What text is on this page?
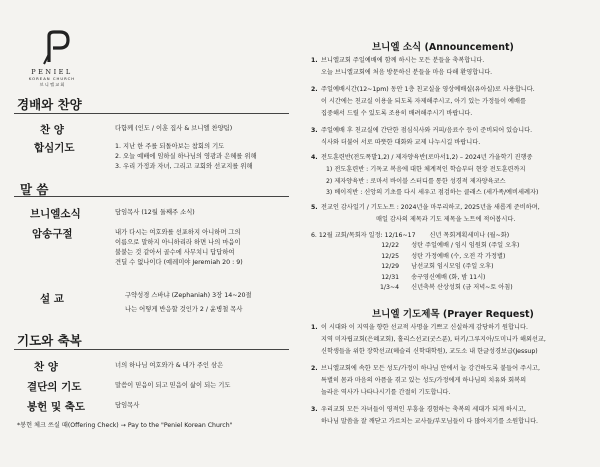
PENIEL
KOREAN CHURCH
브 니 엘 교 회
경배와 찬양
찬 양	다함께 (인도 / 이훈 집사 & 브니엘 찬양팀)
합심기도	1. 지난 한 주를 되돌아보는 참회의 기도
2. 오늘 예배에 임하실 하나님의 영광과 은혜를 위해
3. 우리 가정과 자녀, 그리고 교회와 선교지를 위해
말 씀
브니엘소식	담임목사 (12월 둘째주 소식)
암송구절	내가 다시는 여호와를 선포하지 아니하며 그의
이름으로 말하지 아니하리라 하면 나의 마음이
불붙는 것 같아서 골수에 사무치니 답답하여
견딜 수 없나이다 (예레미야 Jeremiah 20 : 9)
설 교	구약성경 스바냐 (Zephaniah) 3장 14~20절
나는 어떻게 반응할 것인가 2 / 윤병철 목사
기도와 축복
찬 양	너의 하나님 여호와가 & 내가 주인 삼은
결단의 기도	말씀이 믿음이 되고 믿음이 삶이 되는 기도
봉헌 및 축도	담임목사
*봉헌 체크 쓰실 때(Offering Check) → Pay to the "Peniel Korean Church"
브니엘 소식 (Announcement)
1. 브니엘교회 주일예배에 함께 하시는 모든 분들을 축복합니다.
오늘 브니엘교회에 처음 방문하신 분들을 마음 다해 환영합니다.
2. 주일예배시간(12~1pm) 동안 1층 친교실을 영상예배실(유아실)로 사용합니다.
이 시간에는 친교실 이용을 되도록 자제해주시고, 아기 있는 가정들이 예배를
집중해서 드릴 수 있도록 조용히 배려해주시기 바랍니다.
3. 주일예배 후 친교실에 간단한 점심식사와 커피/음료수 등이 준비되어 있습니다.
식사와 더불어 서로 따뜻한 대화와 교제 나누시길 바랍니다.
4. 전도훈련반(전도폭발1,2) / 제자양육반(로마서1,2) – 2024년 가을학기 진행중
1) 전도훈련반 : 기독교 복음에 대한 체계적인 학습부터 현장 전도훈련까지
2) 제자양육반 : 로마서 바이블 스터디를 통한 성경적 제자양육코스
3) 베이직반 : 신앙의 기초를 다시 세우고 점검하는 클래스 (세가족/예비세례자)
5. 전교인 감사일기 / 기도노트 : 2024년을 마무리하고, 2025년을 새롭게 준비하며,
매일 감사의 제목과 기도 제목을 노트에 적어봅시다.
6. 12월 교회/목회자 일정: 12/16~17 신년 목회계획세미나 (월~화)
12/22	성탄 주일예배 / 임시 임원회 (주일 오후)
12/25	성탄 가정예배 (수, 오전 각 가정별)
12/29	남선교회 임시모임 (주일 오후)
12/31	송구영신예배 (화, 밤 11시)
1/3~4	신년축복 산상성회 (금 저녁~토 아침)
브니엘 기도제목 (Prayer Request)
1. 이 시대와 이 지역을 향한 선교적 사명을 기쁘고 신실하게 감당하기 원합니다.
지역 미자립교회(은혜교회), 홀리스선교(굿스푼), 터키/그루지아/도미니카 해외선교,
신학생들을 위한 장학선교(헤슬리 신학대학원), 교도소 내 한글성경보급(Jessup)
2. 브니엘교회에 속한 모든 성도/가정이 하나님 안에서 늘 강건하도록 붙들어 주시고,
특별히 몸과 마음의 아픔을 겪고 있는 성도/가정에게 하나님의 치유와 회복의
놀라운 역사가 나타나시기를 간절히 기도합니다.
3. 우리교회 모든 자녀들이 영적인 부흥을 경험하는 축복의 세대가 되게 하시고,
하나님 말씀을 잘 깨닫고 가르치는 교사들/부모님들이 다 많아지기를 소원합니다.
